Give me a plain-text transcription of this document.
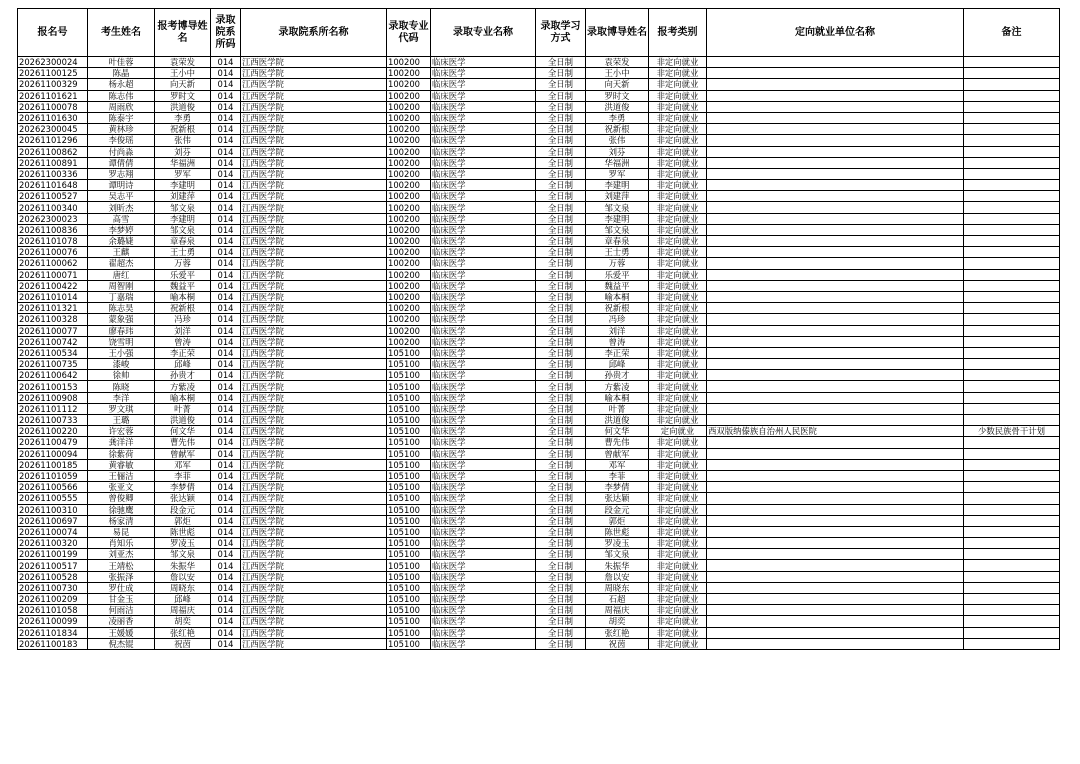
报名号	考生姓名	报考博导姓名	录取院系所码	录取院系所名称	录取专业代码	录取专业名称	录取学习方式	录取博导姓名	报考类别	定向就业单位名称	备注
20262300024	叶佳蓉	袁荣发	014	江西医学院	100200	临床医学	全日制	袁荣发	非定向就业		
20261100125	陈晶	王小中	014	江西医学院	100200	临床医学	全日制	王小中	非定向就业		
20261100329	杨永超	向天新	014	江西医学院	100200	临床医学	全日制	向天新	非定向就业		
20261101621	陈志伟	罗时文	014	江西医学院	100200	临床医学	全日制	罗时文	非定向就业		
20261100078	周雨欣	洪道俊	014	江西医学院	100200	临床医学	全日制	洪道俊	非定向就业		
20261101630	陈泰宇	李勇	014	江西医学院	100200	临床医学	全日制	李勇	非定向就业		
20262300045	黄林珍	祝新根	014	江西医学院	100200	临床医学	全日制	祝新根	非定向就业		
20261101296	李俊瑶	张伟	014	江西医学院	100200	临床医学	全日制	张伟	非定向就业		
20261100862	付尚淼	刘芬	014	江西医学院	100200	临床医学	全日制	刘芬	非定向就业		
20261100891	谭倩倩	华福洲	014	江西医学院	100200	临床医学	全日制	华福洲	非定向就业		
20261100336	罗志翔	罗军	014	江西医学院	100200	临床医学	全日制	罗军	非定向就业		
20261101648	谭明诗	李建明	014	江西医学院	100200	临床医学	全日制	李建明	非定向就业		
20261100527	吴志平	刘建萍	014	江西医学院	100200	临床医学	全日制	刘建萍	非定向就业		
20261100340	刘昕杰	邹文泉	014	江西医学院	100200	临床医学	全日制	邹文泉	非定向就业		
20262300023	高雪	李建明	014	江西医学院	100200	临床医学	全日制	李建明	非定向就业		
20261100836	李梦婷	邹文泉	014	江西医学院	100200	临床医学	全日制	邹文泉	非定向就业		
20261101078	余璐婕	章春泉	014	江西医学院	100200	临床医学	全日制	章春泉	非定向就业		
20261100076	王麒	王士勇	014	江西医学院	100200	临床医学	全日制	王士勇	非定向就业		
20261100062	翟超杰	万蓉	014	江西医学院	100200	临床医学	全日制	万蓉	非定向就业		
20261100071	唐红	乐爱平	014	江西医学院	100200	临床医学	全日制	乐爱平	非定向就业		
20261100422	周智刚	魏益平	014	江西医学院	100200	临床医学	全日制	魏益平	非定向就业		
20261101014	丁嘉瑞	喻本桐	014	江西医学院	100200	临床医学	全日制	喻本桐	非定向就业		
20261101321	陈志昊	祝新根	014	江西医学院	100200	临床医学	全日制	祝新根	非定向就业		
20261100328	蒙象强	冯珍	014	江西医学院	100200	临床医学	全日制	冯珍	非定向就业		
20261100077	廖春玮	刘洋	014	江西医学院	100200	临床医学	全日制	刘洋	非定向就业		
20261100742	饶雪明	曾涛	014	江西医学院	100200	临床医学	全日制	曾涛	非定向就业		
20261100534	王小强	李正荣	014	江西医学院	105100	临床医学	全日制	李正荣	非定向就业		
20261100735	漆峻	邱峰	014	江西医学院	105100	临床医学	全日制	邱峰	非定向就业		
20261100642	徐帅	孙贵才	014	江西医学院	105100	临床医学	全日制	孙贵才	非定向就业		
20261100153	陈晓	方紫凌	014	江西医学院	105100	临床医学	全日制	方紫凌	非定向就业		
20261100908	李洋	喻本桐	014	江西医学院	105100	临床医学	全日制	喻本桐	非定向就业		
20261101112	罗文琪	叶菁	014	江西医学院	105100	临床医学	全日制	叶菁	非定向就业		
20261100733	王璐	洪道俊	014	江西医学院	105100	临床医学	全日制	洪道俊	非定向就业		
20261100220	许宏蓉	何文华	014	江西医学院	105100	临床医学	全日制	何文华	定向就业	西双版纳傣族自治州人民医院	少数民族骨干计划
20261100479	龚洋洋	曹先伟	014	江西医学院	105100	临床医学	全日制	曹先伟	非定向就业		
20261100094	徐紫荷	曾献军	014	江西医学院	105100	临床医学	全日制	曾献军	非定向就业		
20261100185	黄睿敏	邓军	014	江西医学院	105100	临床医学	全日制	邓军	非定向就业		
20261101059	王俪洁	李菲	014	江西医学院	105100	临床医学	全日制	李菲	非定向就业		
20261100566	张亚文	李梦倩	014	江西医学院	105100	临床医学	全日制	李梦倩	非定向就业		
20261100555	曾俊卿	张达颖	014	江西医学院	105100	临床医学	全日制	张达颖	非定向就业		
20261100310	徐驰鹰	段金元	014	江西医学院	105100	临床医学	全日制	段金元	非定向就业		
20261100697	杨家清	郭炬	014	江西医学院	105100	临床医学	全日制	郭炬	非定向就业		
20261100074	易昆	陈世彪	014	江西医学院	105100	临床医学	全日制	陈世彪	非定向就业		
20261100320	肖知乐	罗凌玉	014	江西医学院	105100	临床医学	全日制	罗凌玉	非定向就业		
20261100199	刘亚杰	邹文泉	014	江西医学院	105100	临床医学	全日制	邹文泉	非定向就业		
20261100517	王靖松	朱振华	014	江西医学院	105100	临床医学	全日制	朱振华	非定向就业		
20261100528	张振泽	詹以安	014	江西医学院	105100	临床医学	全日制	詹以安	非定向就业		
20261100730	罗仕成	周晓东	014	江西医学院	105100	临床医学	全日制	周晓东	非定向就业		
20261100209	甘金玉	邱峰	014	江西医学院	105100	临床医学	全日制	石超	非定向就业		
20261101058	何雨洁	周福庆	014	江西医学院	105100	临床医学	全日制	周福庆	非定向就业		
20261100099	凌丽香	胡奕	014	江西医学院	105100	临床医学	全日制	胡奕	非定向就业		
20261101834	王媛媛	张红艳	014	江西医学院	105100	临床医学	全日制	张红艳	非定向就业		
20261100183	倪杰锟	祝茵	014	江西医学院	105100	临床医学	全日制	祝茵	非定向就业		
